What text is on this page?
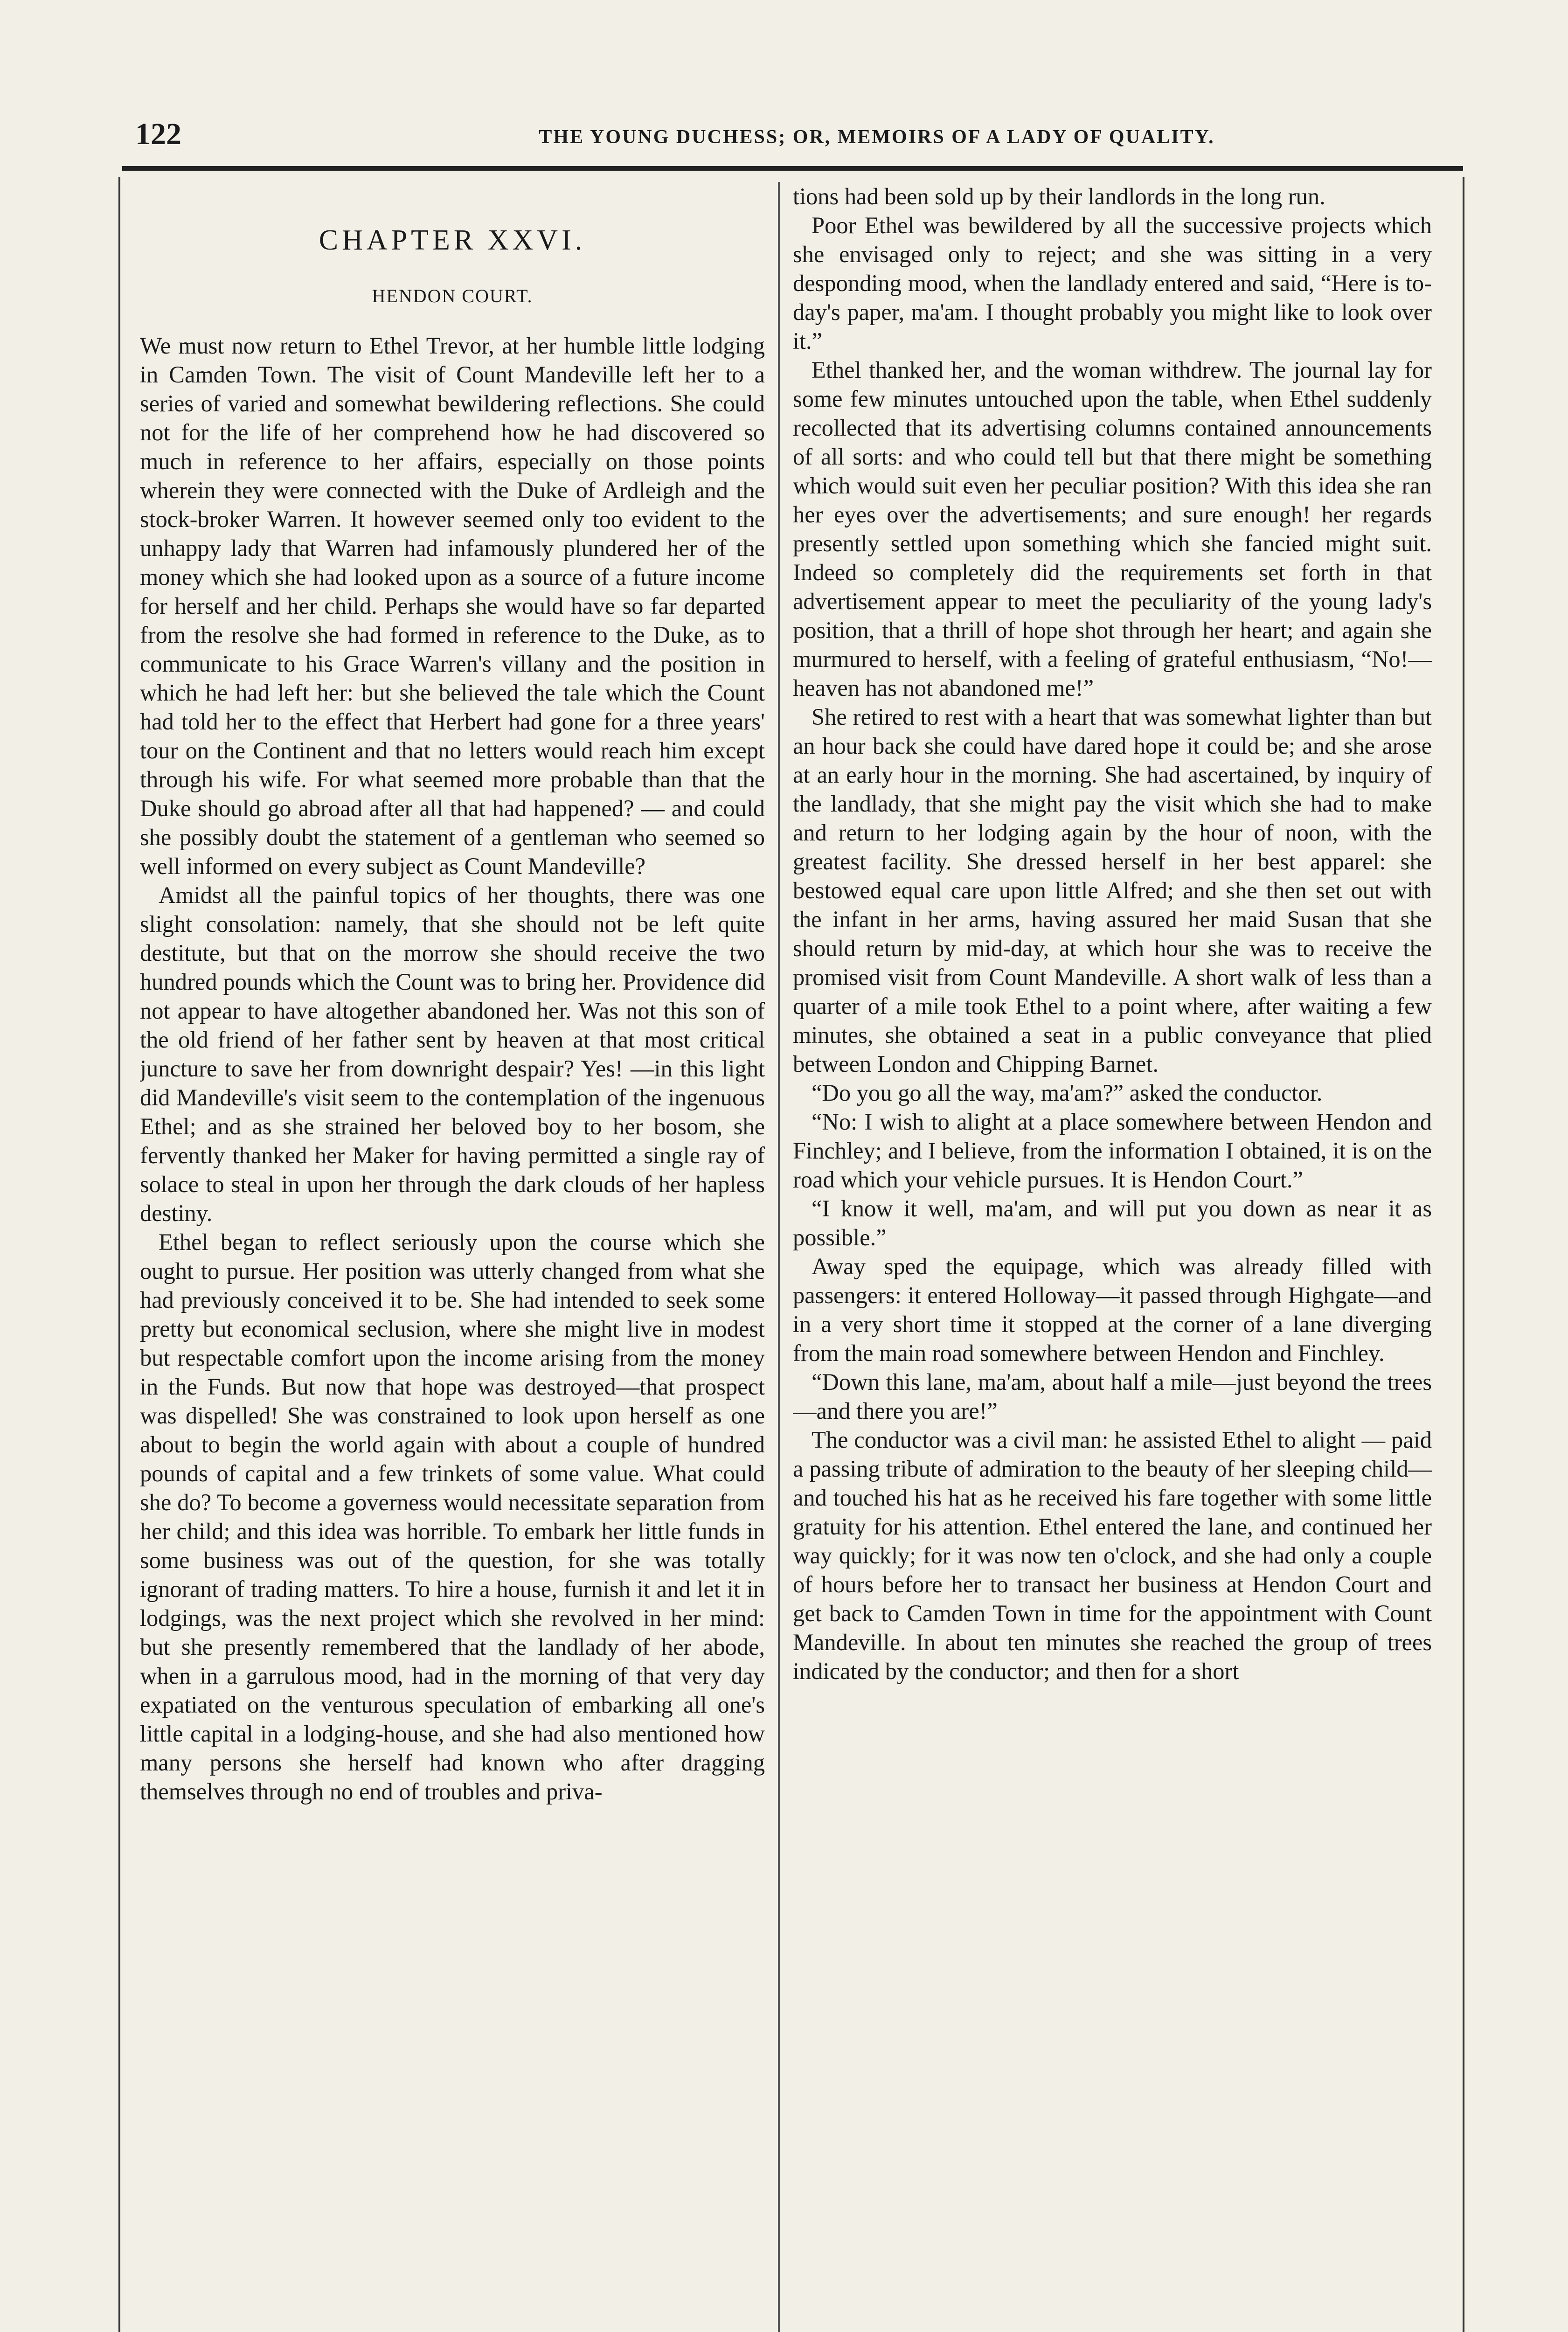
122	THE YOUNG DUCHESS; OR, MEMOIRS OF A LADY OF QUALITY.
CHAPTER XXVI.
HENDON COURT.

We must now return to Ethel Trevor, at her humble little lodging in Camden Town. The visit of Count Mandeville left her to a series of varied and somewhat bewildering reflections. She could not for the life of her comprehend how he had discovered so much in reference to her affairs, especially on those points wherein they were connected with the Duke of Ardleigh and the stock-broker Warren. It however seemed only too evident to the unhappy lady that Warren had infamously plundered her of the money which she had looked upon as a source of a future income for herself and her child. Perhaps she would have so far departed from the resolve she had formed in reference to the Duke, as to communicate to his Grace Warren's villany and the position in which he had left her: but she believed the tale which the Count had told her to the effect that Herbert had gone for a three years' tour on the Continent and that no letters would reach him except through his wife. For what seemed more probable than that the Duke should go abroad after all that had happened? — and could she possibly doubt the statement of a gentleman who seemed so well informed on every subject as Count Mandeville?

Amidst all the painful topics of her thoughts, there was one slight consolation: namely, that she should not be left quite destitute, but that on the morrow she should receive the two hundred pounds which the Count was to bring her. Providence did not appear to have altogether abandoned her. Was not this son of the old friend of her father sent by heaven at that most critical juncture to save her from downright despair? Yes! —in this light did Mandeville's visit seem to the contemplation of the ingenuous Ethel; and as she strained her beloved boy to her bosom, she fervently thanked her Maker for having permitted a single ray of solace to steal in upon her through the dark clouds of her hapless destiny.

Ethel began to reflect seriously upon the course which she ought to pursue. Her position was utterly changed from what she had previously conceived it to be. She had intended to seek some pretty but economical seclusion, where she might live in modest but respectable comfort upon the income arising from the money in the Funds. But now that hope was destroyed—that prospect was dispelled! She was constrained to look upon herself as one about to begin the world again with about a couple of hundred pounds of capital and a few trinkets of some value. What could she do? To become a governess would necessitate separation from her child; and this idea was horrible. To embark her little funds in some business was out of the question, for she was totally ignorant of trading matters. To hire a house, furnish it and let it in lodgings, was the next project which she revolved in her mind: but she presently remembered that the landlady of her abode, when in a garrulous mood, had in the morning of that very day expatiated on the venturous speculation of embarking all one's little capital in a lodging-house, and she had also mentioned how many persons she herself had known who after dragging themselves through no end of troubles and priva-

tions had been sold up by their landlords in the long run.

Poor Ethel was bewildered by all the successive projects which she envisaged only to reject; and she was sitting in a very desponding mood, when the landlady entered and said, “Here is to-day's paper, ma'am. I thought probably you might like to look over it.”

Ethel thanked her, and the woman withdrew. The journal lay for some few minutes untouched upon the table, when Ethel suddenly recollected that its advertising columns contained announcements of all sorts: and who could tell but that there might be something which would suit even her peculiar position? With this idea she ran her eyes over the advertisements; and sure enough! her regards presently settled upon something which she fancied might suit. Indeed so completely did the requirements set forth in that advertisement appear to meet the peculiarity of the young lady's position, that a thrill of hope shot through her heart; and again she murmured to herself, with a feeling of grateful enthusiasm, “No!—heaven has not abandoned me!”

She retired to rest with a heart that was somewhat lighter than but an hour back she could have dared hope it could be; and she arose at an early hour in the morning. She had ascertained, by inquiry of the landlady, that she might pay the visit which she had to make and return to her lodging again by the hour of noon, with the greatest facility. She dressed herself in her best apparel: she bestowed equal care upon little Alfred; and she then set out with the infant in her arms, having assured her maid Susan that she should return by mid-day, at which hour she was to receive the promised visit from Count Mandeville. A short walk of less than a quarter of a mile took Ethel to a point where, after waiting a few minutes, she obtained a seat in a public conveyance that plied between London and Chipping Barnet.

“Do you go all the way, ma'am?” asked the conductor.

“No: I wish to alight at a place somewhere between Hendon and Finchley; and I believe, from the information I obtained, it is on the road which your vehicle pursues. It is Hendon Court.”

“I know it well, ma'am, and will put you down as near it as possible.”

Away sped the equipage, which was already filled with passengers: it entered Holloway—it passed through Highgate—and in a very short time it stopped at the corner of a lane diverging from the main road somewhere between Hendon and Finchley.

“Down this lane, ma'am, about half a mile—just beyond the trees—and there you are!”

The conductor was a civil man: he assisted Ethel to alight — paid a passing tribute of admiration to the beauty of her sleeping child—and touched his hat as he received his fare together with some little gratuity for his attention. Ethel entered the lane, and continued her way quickly; for it was now ten o'clock, and she had only a couple of hours before her to transact her business at Hendon Court and get back to Camden Town in time for the appointment with Count Mandeville. In about ten minutes she reached the group of trees indicated by the conductor; and then for a short
